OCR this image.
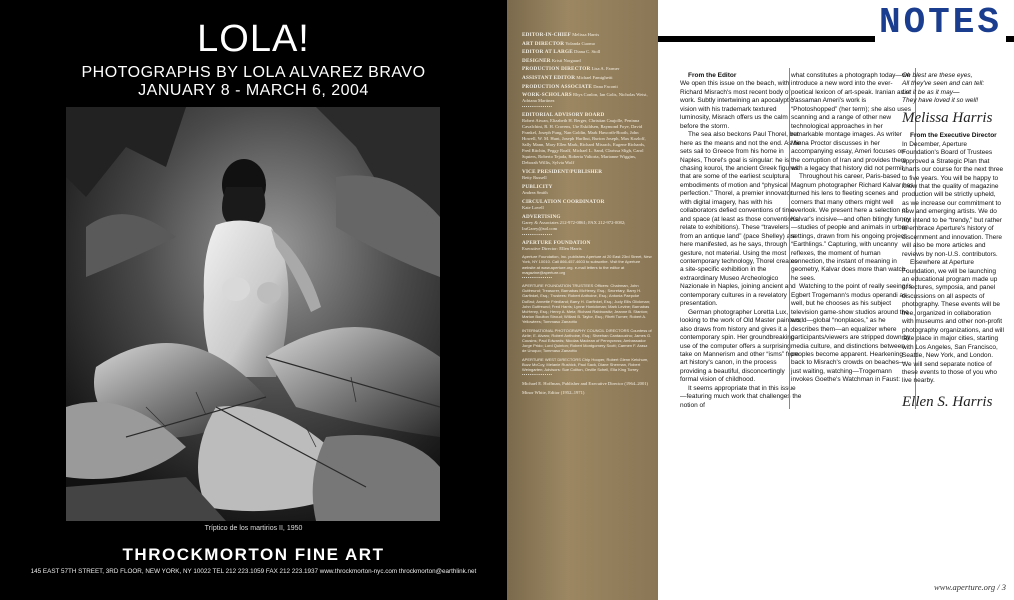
LOLA!
PHOTOGRAPHS BY LOLA ALVAREZ BRAVO
JANUARY 8 - MARCH 6, 2004
Tríptico de los martirios II, 1950
THROCKMORTON FINE ART
145 EAST 57TH STREET, 3RD FLOOR, NEW YORK, NY 10022 TEL 212 223.1059 FAX 212 223.1937 www.throckmorton-nyc.com throckmorton@earthlink.net
EDITOR-IN-CHIEF Melissa Harris
ART DIRECTOR Yolanda Cuomo
EDITOR AT LARGE Diana C. Stoll
DESIGNER Kristi Norgaard
PRODUCTION DIRECTOR Lisa A. Farmer
ASSISTANT EDITOR Michael Famighetti
PRODUCTION ASSOCIATE Dana Faconti
WORK-SCHOLARS Rhys Conlon, Ian Golis, Nicholas Weist, Adriana Martinez
••••••••••••••••
EDITORIAL ADVISORY BOARD
Robert Atwan, Elizabeth H. Berger, Christian Caujolle, Peninna Cavalchini, R. H. Cravens, Ute Eskildsen, Raymond Foye, David Frankel, Joseph Fung, Nan Goldin, Mark Haworth-Booth, John Howell, W. M. Hunt, Joseph Hurlbut, Burton Joseph, Max Kozloff, Sally Mann, Mary Ellen Mark, Richard Misrach, Eugene Richards, Fred Ritchin, Peggy Roalf, Michael L. Sand, Clarissa Sligh, Carol Squiers, Roberto Tejada, Roberta Valtorta, Marianne Wiggins, Deborah Willis, Sylvia Wolf
VICE PRESIDENT/PUBLISHER
Betty Russell
PUBLICITY
Andrea Smith
CIRCULATION COORDINATOR
Kate Lovell
ADVERTISING
Garey & Associates 212-972-0861; FAX 212-972-0082; IraGarey@aol.com
••••••••••••••••
APERTURE FOUNDATION
Executive Director: Ellen Harris
Aperture Foundation, Inc. publishes Aperture at 20 East 23rd Street, New York, NY 10010. Call 866-457-4603 to subscribe. Visit the Aperture website at www.aperture.org. e-mail letters to the editor at magazine@aperture.org
••••••••••••••••
APERTURE FOUNDATION TRUSTEES Officers: Chairman, John Gutfreund; Treasurer, Barnabas McHenry, Esq.; Secretary, Barry H. Garfinkel, Esq.; Trustees: Robert Anthoine, Esq.; Antonia Paepcke DuBrul; Annette Friedland; Barry H. Garfinkel, Esq.; Judy Ellis Glickman; John Gutfreund; Fred Harris; Lynne Honickman; Mark Levine; Barnabas McHenry, Esq.; Henry A. Metz; Richard Rabinowitz; Jeanne B. Stanton; Marion Boulton Stroud; Willard B. Taylor, Esq.; Rhett Turner; Robert A. Yellowlees; Tommaso Zanzotto
INTERNATIONAL PHOTOGRAPHY COUNCIL DIRECTORS Countess of Airlie; E. Alvaro; Robert Anthoine, Esq.; Sheehan Cantacuzino; James G. Cousins; Paul Edwards; Nicolas Maclean of Pennycross; Ambassador Jorge Prido; Lord Quinton; Robert Montgomery Scott; Carmen F. Arasz de Uruquo; Tommaso Zanzotto
APERTURE WEST DIRECTORS Chip Hooper, Robert Glenn Ketchum, Buzz McCoy, Melanie Rushick, Paul Sack, Diane Sherman, Robert Weingarten; Advisors: Sue Coliton, Orville Schell, Ella King Torrey
••••••••••••••••
Michael E. Hoffman, Publisher and Executive Director (1964–2001)
Minor White, Editor (1952–1971)
NOTES

From the Editor

We open this issue on the beach, with Richard Misrach's most recent body of work. Subtly intertwining an apocalyptic vision with his trademark textured luminosity, Misrach offers us the calm before the storm.

The sea also beckons Paul Thorel, but here as the means and not the end. As he sets sail to Greece from his home in Naples, Thorel's goal is singular: he is chasing kouroi, the ancient Greek figures that are some of the earliest sculptural embodiments of motion and “physical perfection.” Thorel, a premier innovator with digital imagery, has with his collaborators defied conventions of time and space (at least as those conventions relate to exhibitions). These “travelers from an antique land” (pace Shelley) are here manifested, as he says, through gesture, not material. Using the most contemporary technology, Thorel creates a site-specific exhibition in the extraordinary Museo Archeologico Nazionale in Naples, joining ancient and contemporary cultures in a revelatory presentation.

German photographer Loretta Lux, looking to the work of Old Master painters, also draws from history and gives it a contemporary spin. Her groundbreaking use of the computer offers a surprising take on Mannerism and other “isms” from art history's canon, in the process providing a beautiful, disconcertingly formal vision of childhood.

It seems appropriate that in this issue—featuring much work that challenges the notion of

what constitutes a photograph today—we introduce a new word into the ever-poetical lexicon of art-speak. Iranian artist Yassaman Ameri's work is “Photoshopped” (her term); she also uses scanning and a range of other new technological approaches in her remarkable montage images. As writer Minna Proctor discusses in her accompanying essay, Ameri focuses on the corruption of Iran and provides them with a legacy that history did not permit.

Throughout his career, Paris-based Magnum photographer Richard Kalvar has turned his lens to fleeting scenes and corners that many others might well overlook. We present here a selection of Kalvar's incisive—and often bitingly funny—studies of people and animals in urban settings, drawn from his ongoing project “Earthlings.” Capturing, with uncanny reflexes, the moment of human connection, the instant of meaning in geometry, Kalvar does more than watch, he sees.

Watching to the point of really seeing is Egbert Trogemann's modus operandi as well, but he chooses as his subject television game-show studios around the world—global “nonplaces,” as he describes them—an equalizer where participants/viewers are stripped down by media culture, and distinctions between peoples become apparent. Hearkening back to Misrach's crowds on beaches—just waiting, watching—Trogemann invokes Goethe's Watchman in Faust:

Oh blest are these eyes,
All they've seen and can tell:
Let it be as it may—
They have loved it so well!
Melissa Harris

From the Executive Director

In December, Aperture Foundation's Board of Trustees approved a Strategic Plan that charts our course for the next three to five years. You will be happy to know that the quality of magazine production will be strictly upheld, as we increase our commitment to new and emerging artists. We do not intend to be “trendy,” but rather to embrace Aperture's history of discernment and innovation. There will also be more articles and reviews by non-U.S. contributors.

Elsewhere at Aperture Foundation, we will be launching an educational program made up of lectures, symposia, and panel discussions on all aspects of photography. These events will be free, organized in collaboration with museums and other non-profit photography organizations, and will take place in major cities, starting with Los Angeles, San Francisco, Seattle, New York, and London. We will send separate notice of these events to those of you who live nearby.

Ellen S. Harris
www.aperture.org / 3
